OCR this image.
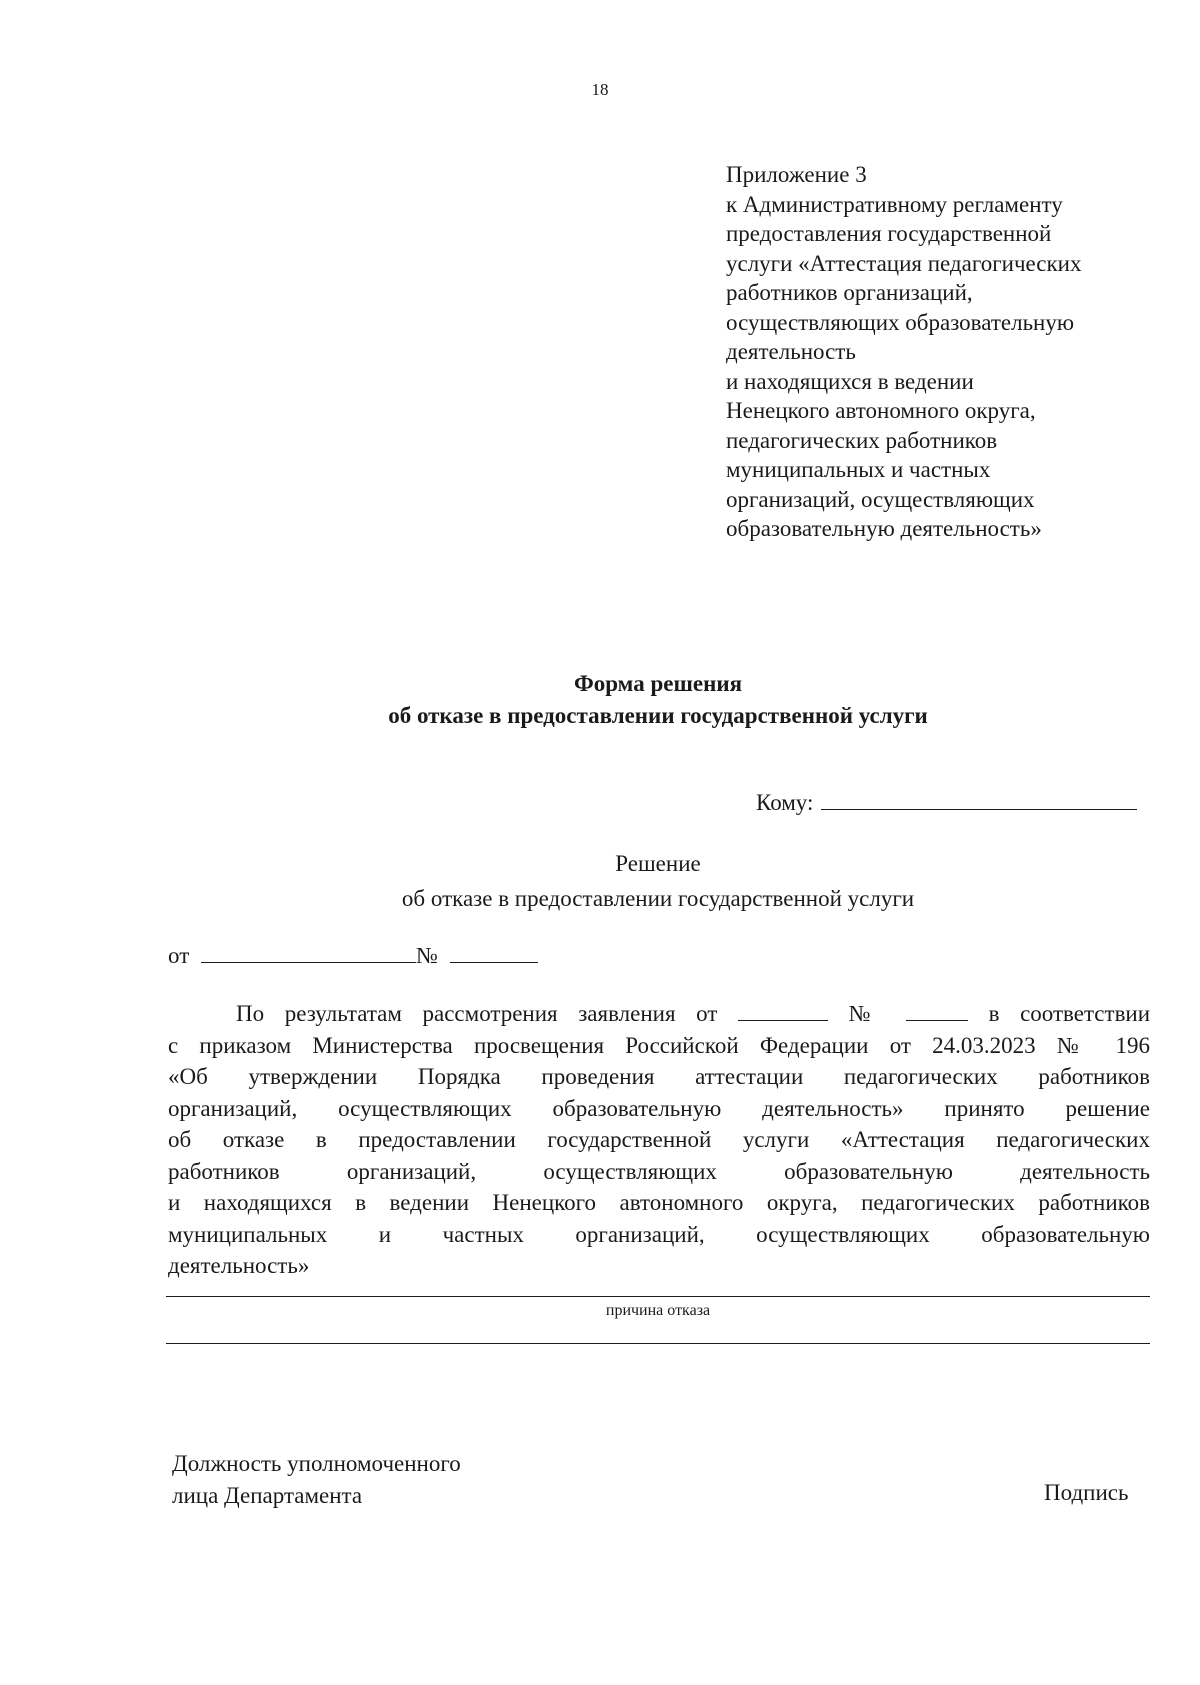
18
Приложение 3
к Административному регламенту
предоставления государственной
услуги «Аттестация педагогических
работников организаций,
осуществляющих образовательную
деятельность
и находящихся в ведении
Ненецкого автономного округа,
педагогических работников
муниципальных и частных
организаций, осуществляющих
образовательную деятельность»
Форма решения
об отказе в предоставлении государственной услуги
Кому:
Решение
об отказе в предоставлении государственной услуги
от	№
По результатам рассмотрения заявления от	№	в соответствии
с приказом Министерства просвещения Российской Федерации от 24.03.2023 № 196
«Об утверждении Порядка проведения аттестации педагогических работников
организаций, осуществляющих образовательную деятельность» принято решение
об отказе в предоставлении государственной услуги «Аттестация педагогических
работников организаций, осуществляющих образовательную деятельность
и находящихся в ведении Ненецкого автономного округа, педагогических работников
муниципальных и частных организаций, осуществляющих образовательную
деятельность»
причина отказа
Должность уполномоченного
лица Департамента	Подпись
